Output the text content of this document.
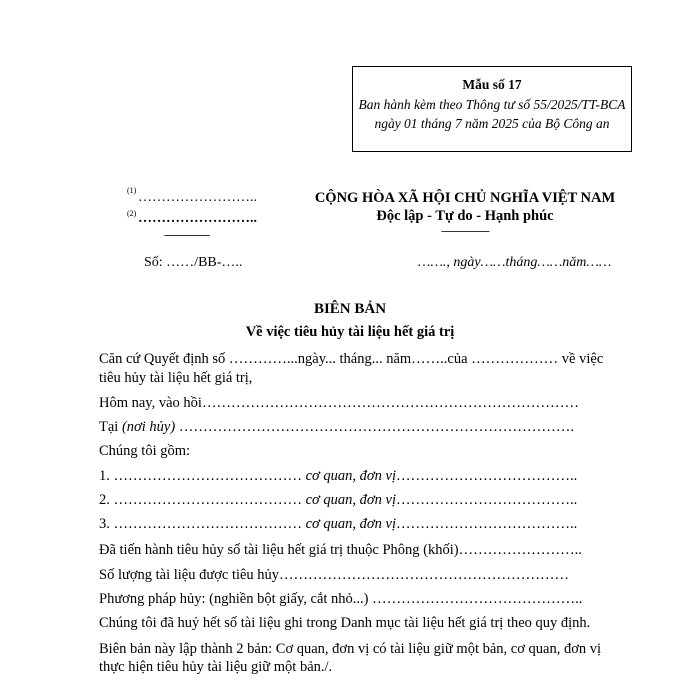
Mẫu số 17
Ban hành kèm theo Thông tư số 55/2025/TT-BCA ngày 01 tháng 7 năm 2025 của Bộ Công an
(1) ……………………..
(2) ……………………..
-----------------
Số: ……/BB-…..
CỘNG HÒA XÃ HỘI CHỦ NGHĨA VIỆT NAM
Độc lập - Tự do - Hạnh phúc
------------------
……., ngày……tháng……năm……
BIÊN BẢN
Về việc tiêu hủy tài liệu hết giá trị
Căn cứ Quyết định số …………...ngày... tháng... năm……..của ……………… về việc
tiêu hủy tài liệu hết giá trị,
Hôm nay, vào hồi……………………………………………………………………
Tại (nơi hủy) ……………………………………………………………………….
Chúng tôi gồm:
1. ………………………………… cơ quan, đơn vị………………………………..
2. ………………………………… cơ quan, đơn vị………………………………..
3. ………………………………… cơ quan, đơn vị………………………………..
Đã tiến hành tiêu hủy số tài liệu hết giá trị thuộc Phông (khối)……………………..
Số lượng tài liệu được tiêu hủy……………………………………………………
Phương pháp hủy: (nghiền bột giấy, cắt nhỏ...) ……………………………………..
Chúng tôi đã huỷ hết số tài liệu ghi trong Danh mục tài liệu hết giá trị theo quy định.
Biên bản này lập thành 2 bản: Cơ quan, đơn vị có tài liệu giữ một bản, cơ quan, đơn vị
thực hiện tiêu hủy tài liệu giữ một bản./.
